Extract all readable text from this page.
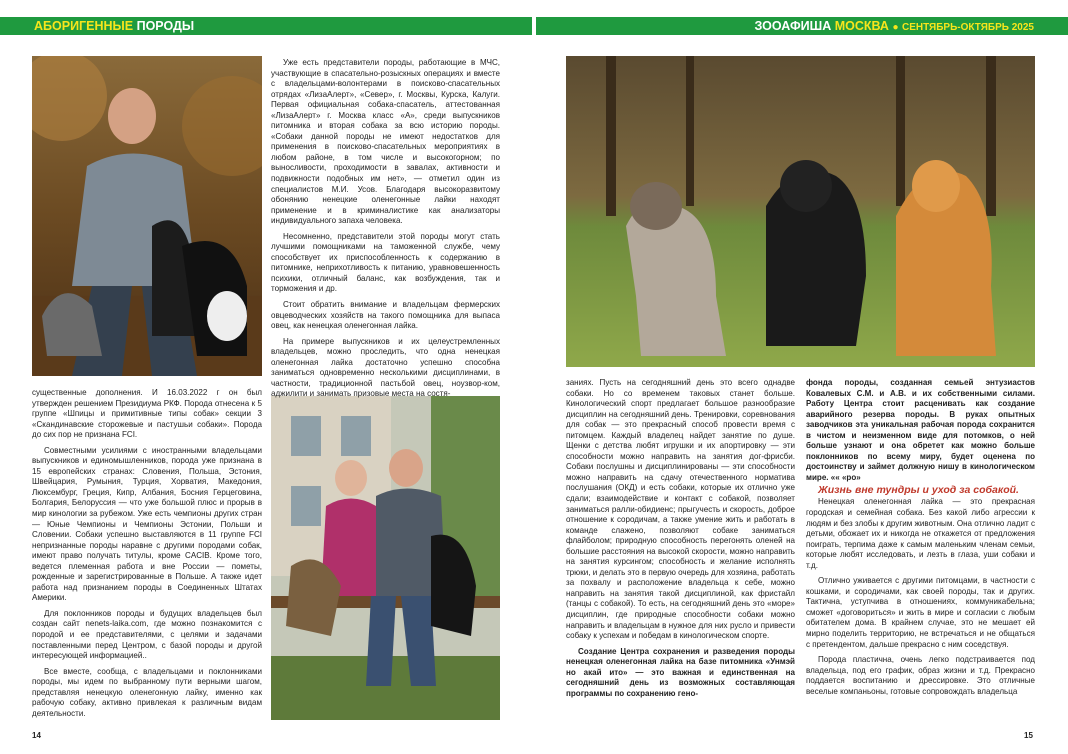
АБОРИГЕННЫЕ ПОРОДЫ	ЗООАФИША МОСКВА ● СЕНТЯБРЬ-ОКТЯБРЬ 2025

Уже есть представители породы, работающие в МЧС, участвующие в спасательно-розыскных операциях и вместе с владельцами-волонтерами в поисково-спасательных отрядах «ЛизаАлерт», «Север», г. Москвы, Курска, Калуги. Первая официальная собака-спасатель, аттестованная «ЛизаАлерт» г. Москва класс «А», среди выпускников питомника и вторая собака за всю историю породы. «Собаки данной породы не имеют недостатков для применения в поисково-спасательных мероприятиях в любом районе, в том числе и высокогорном; по выносливости, проходимости в завалах, активности и подвижности подобных им нет», — отметил один из специалистов М.И. Усов. Благодаря высокоразвитому обонянию ненецкие оленегонные лайки находят применение и в криминалистике как анализаторы индивидуального запаха человека.

Несомненно, представители этой породы могут стать лучшими помощниками на таможенной службе, чему способствует их приспособленность к содержанию в питомнике, неприхотливость к питанию, уравновешенность психики, отличный баланс, как возбуждения, так и торможения и др.

Стоит обратить внимание и владельцам фермерских овцеводческих хозяйств на такого помощника для выпаса овец, как ненецкая оленегонная лайка.

На примере выпускников и их целеустремленных владельцев, можно проследить, что одна ненецкая оленегонная лайка достаточно успешно способна заниматься одновременно несколькими дисциплинами, в частности, традиционной пастьбой овец, ноузвор-ком, аджилити и занимать призовые места на состя-

существенные дополнения. И 16.03.2022 г он был утвержден решением Президиума РКФ. Порода отнесена к 5 группе «Шпицы и примитивные типы собак» секции 3 «Скандинавские сторожевые и пастушьи собаки». Порода до сих пор не признана FCI.

Совместными усилиями с иностранными владельцами выпускников и единомышленников, порода уже признана в 15 европейских странах: Словения, Польша, Эстония, Швейцария, Румыния, Турция, Хорватия, Македония, Люксембург, Греция, Кипр, Албания, Босния Герцеговина, Болгария, Белоруссия — что уже большой плюс и прорыв в мир кинологии за рубежом. Уже есть чемпионы других стран — Юные Чемпионы и Чемпионы Эстонии, Польши и Словении. Собаки успешно выставляются в 11 группе FCI непризнанные породы наравне с другими породами собак, имеют право получать титулы, кроме CACIB. Кроме того, ведется племенная работа и вне России — пометы, рожденные и зарегистрированные в Польше. А также идет работа над признанием породы в Соединенных Штатах Америки.

Для поклонников породы и будущих владельцев был создан сайт nenets-laika.com, где можно познакомится с породой и ее представителями, с целями и задачами поставленными перед Центром, с базой породы и другой интересующей информацией..

Все вместе, сообща, с владельцами и поклонниками породы, мы идем по выбранному пути верными шагом, представляя ненецкую оленегонную лайку, именно как рабочую собаку, активно привлекая к различным видам деятельности.

заниях. Пусть на сегодняшний день это всего однадве собаки. Но со временем таковых станет больше. Кинологический спорт предлагает большое разнообразие дисциплин на сегодняшний день. Тренировки, соревнования для собак — это прекрасный способ провести время с питомцем. Каждый владелец найдет занятие по душе. Щенки с детства любят игрушки и их апортировку — эти способности можно направить на занятия дог-фрисби. Собаки послушны и дисциплинированы — эти способности можно направить на сдачу отечественного норматива послушания (ОКД) и есть собаки, которые их отлично уже сдали; взаимодействие и контакт с собакой, позволяет заниматься ралли-обидиенс; прыгучесть и скорость, доброе отношение к сородичам, а также умение жить и работать в команде слажено, позволяют собаке заниматься флайболом; природную способность перегонять оленей на большие расстояния на высокой скорости, можно направить на занятия курсингом; способность и желание исполнять трюки, и делать это в первую очередь для хозяина, работать за похвалу и расположение владельца к себе, можно направить на занятия такой дисциплиной, как фристайл (танцы с собакой). То есть, на сегодняшний день это «море» дисциплин, где природные способности собаки можно направить и владельцам в нужное для них русло и привести собаку к успехам и победам в кинологическом спорте.

Создание Центра сохранения и разведения породы ненецкая оленегонная лайка на базе питомника «Унмэй но акай ито» — это важная и единственная на сегодняшний день из возможных составляющая программы по сохранению гено-

фонда породы, созданная семьей энтузиастов Ковалевых С.М. и А.В. и их собственными силами. Работу Центра стоит расценивать как создание аварийного резерва породы. В руках опытных заводчиков эта уникальная рабочая порода сохранится в чистом и неизменном виде для потомков, о ней больше узнают и она обретет как можно больше поклонников по всему миру, будет оценена по достоинству и займет должную нишу в кинологическом мире. «« «ро»

Жизнь вне тундры и уход за собакой.

Ненецкая оленегонная лайка — это прекрасная городская и семейная собака. Без какой либо агрессии к людям и без злобы к другим животным. Она отлично ладит с детьми, обожает их и никогда не откажется от предложения поиграть, терпима даже к самым маленьким членам семьи, которые любят исследовать, и лезть в глаза, уши собаки и т.д.

Отлично уживается с другими питомцами, в частности с кошками, и сородичами, как своей породы, так и других. Тактична, уступчива в отношениях, коммуникабельна; сможет «договориться» и жить в мире и согласии с любым обитателем дома. В крайнем случае, это не мешает ей мирно поделить территорию, не встречаться и не общаться с претендентом, дальше прекрасно с ним соседствуя.

Порода пластична, очень легко подстраивается под владельца, под его график, образ жизни и т.д. Прекрасно поддается воспитанию и дрессировке. Это отличные веселые компаньоны, готовые сопровождать владельца

14	15
